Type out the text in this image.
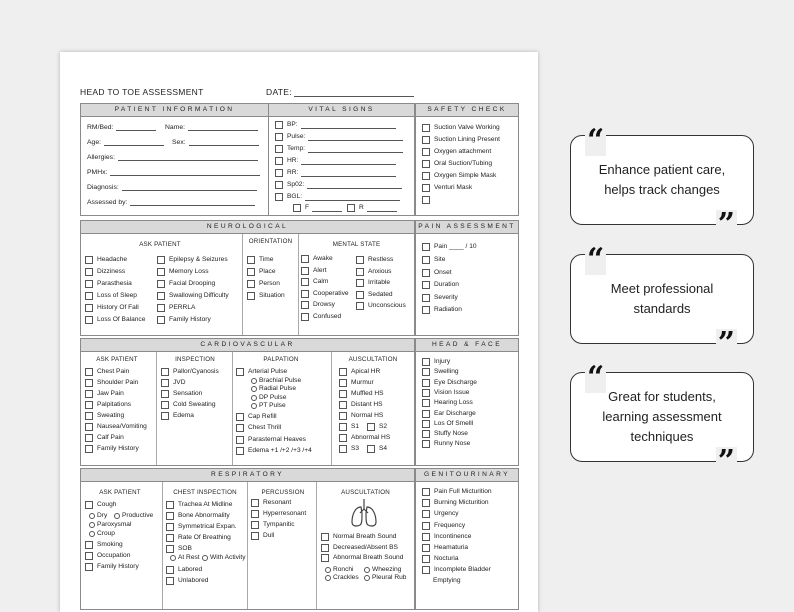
HEAD TO TOE ASSESSMENT	DATE:
PATIENT INFORMATION
RM/Bed:	Name:
Age:	Sex:
Allergies:
PMHx:
Diagnosis:
Assessed by:
VITAL SIGNS
BP:
Pulse:
Temp:
HR:
RR:
Sp02:
BGL:
F	R
SAFETY CHECK
Suction Valve Working
Suction Lining Present
Oxygen attachment
Oral Suction/Tubing
Oxygen Simple Mask
Venturi Mask
NEUROLOGICAL
ASK PATIENT	ORIENTATION	MENTAL STATE
Headache
Dizziness
Parasthesia
Loss of Sleep
History Of Fall
Loss Of Balance
Epilepsy & Seizures
Memory Loss
Facial Drooping
Swallowing Difficulty
PERRLA
Family History
Time
Place
Person
Situation
Awake
Alert
Calm
Cooperative
Drowsy
Confused
Restless
Anxious
Irritable
Sedated
Unconscious
PAIN ASSESSMENT
Pain ____ / 10
Site
Onset
Duration
Severity
Radiation
CARDIOVASCULAR
ASK PATIENT	INSPECTION	PALPATION	AUSCULTATION
Chest Pain
Shoulder Pain
Jaw Pain
Palpitations
Sweating
Nausea/Vomiting
Calf Pain
Family History
Pallor/Cyanosis
JVD
Sensation
Cold Sweating
Edema
Arterial Pulse
Brachial Pulse
Radial Pulse
DP Pulse
PT Pulse
Cap Refill
Chest Thrill
Parasternal Heaves
Edema +1 /+2 /+3 /+4
Apical HR
Murmur
Muffled HS
Distant HS
Normal HS
S1	S2
Abnormal HS
S3	S4
HEAD & FACE
Injury
Swelling
Eye Discharge
Vision Issue
Hearing Loss
Ear Discharge
Los Of Smelll
Stuffy Nose
Runny Nose
RESPIRATORY
ASK PATIENT	CHEST INSPECTION	PERCUSSION	AUSCULTATION
Cough
Dry Productive
Paroxysmal
Croup
Smoking
Occupation
Family History
Trachea At Midline
Bone Abnormality
Symmetrical Expan.
Rate Of Breathing
SOB
At Rest With Activity
Labored
Unlabored
Resonant
Hyperresonant
Tympanitic
Dull	Normal Breath Sound
Decreased/Absent BS
Abnormal Breath Sound
Ronchi	Wheezing
Crackles Pleural Rub
GENITOURINARY
Pain Full Micturition
Burning Micturition
Urgency
Frequency
Incontinence
Heamaturia
Nocturia
Incomplete Bladder
Emptying
“
Enhance patient care, helps track changes
”
“
Meet professional standards
”
“
Great for students, learning assessment techniques
”
